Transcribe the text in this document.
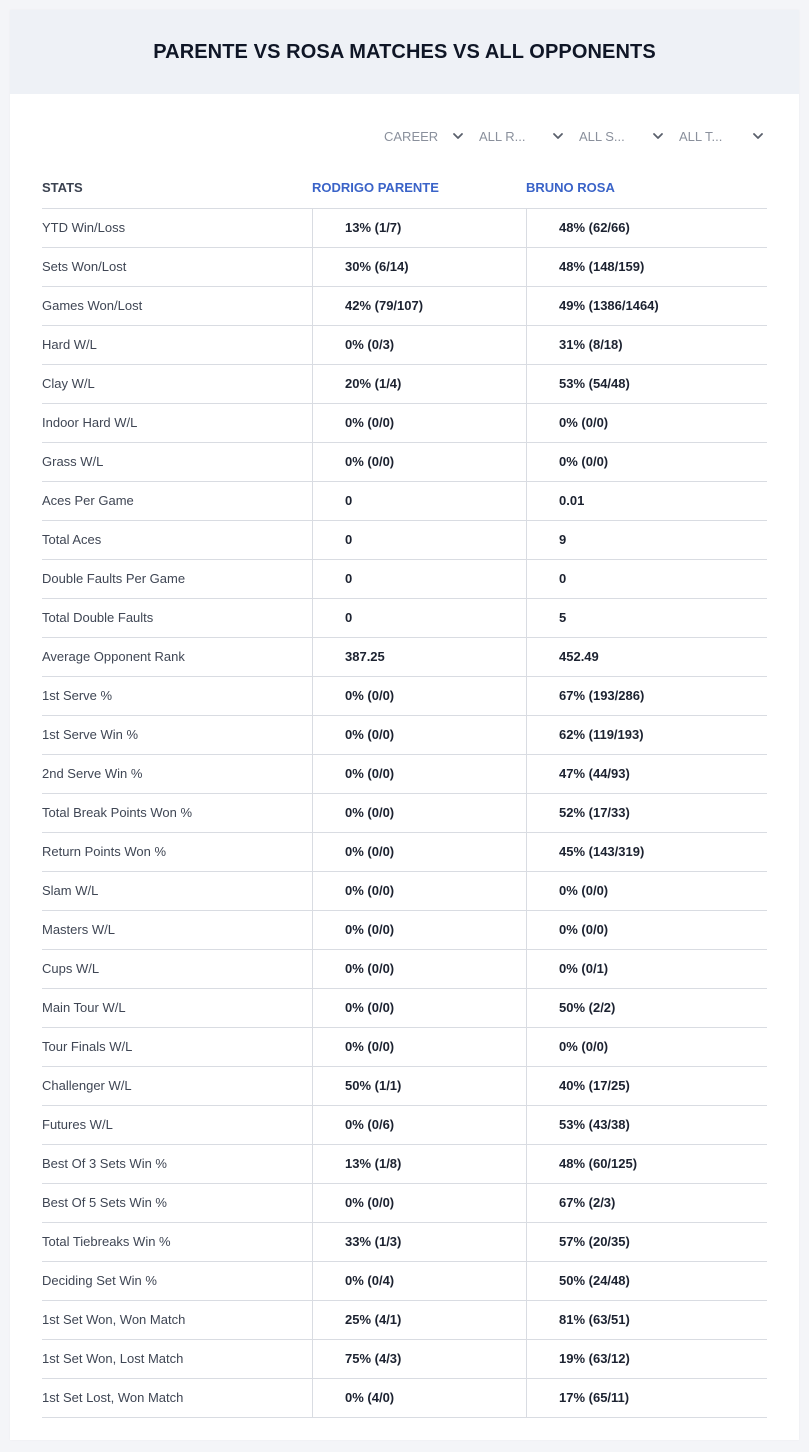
PARENTE VS ROSA MATCHES VS ALL OPPONENTS
CAREER	ALL R...	ALL S...	ALL T...
STATS	RODRIGO PARENTE	BRUNO ROSA
YTD Win/Loss	13% (1/7)	48% (62/66)
Sets Won/Lost	30% (6/14)	48% (148/159)
Games Won/Lost	42% (79/107)	49% (1386/1464)
Hard W/L	0% (0/3)	31% (8/18)
Clay W/L	20% (1/4)	53% (54/48)
Indoor Hard W/L	0% (0/0)	0% (0/0)
Grass W/L	0% (0/0)	0% (0/0)
Aces Per Game	0	0.01
Total Aces	0	9
Double Faults Per Game	0	0
Total Double Faults	0	5
Average Opponent Rank	387.25	452.49
1st Serve %	0% (0/0)	67% (193/286)
1st Serve Win %	0% (0/0)	62% (119/193)
2nd Serve Win %	0% (0/0)	47% (44/93)
Total Break Points Won %	0% (0/0)	52% (17/33)
Return Points Won %	0% (0/0)	45% (143/319)
Slam W/L	0% (0/0)	0% (0/0)
Masters W/L	0% (0/0)	0% (0/0)
Cups W/L	0% (0/0)	0% (0/1)
Main Tour W/L	0% (0/0)	50% (2/2)
Tour Finals W/L	0% (0/0)	0% (0/0)
Challenger W/L	50% (1/1)	40% (17/25)
Futures W/L	0% (0/6)	53% (43/38)
Best Of 3 Sets Win %	13% (1/8)	48% (60/125)
Best Of 5 Sets Win %	0% (0/0)	67% (2/3)
Total Tiebreaks Win %	33% (1/3)	57% (20/35)
Deciding Set Win %	0% (0/4)	50% (24/48)
1st Set Won, Won Match	25% (4/1)	81% (63/51)
1st Set Won, Lost Match	75% (4/3)	19% (63/12)
1st Set Lost, Won Match	0% (4/0)	17% (65/11)
